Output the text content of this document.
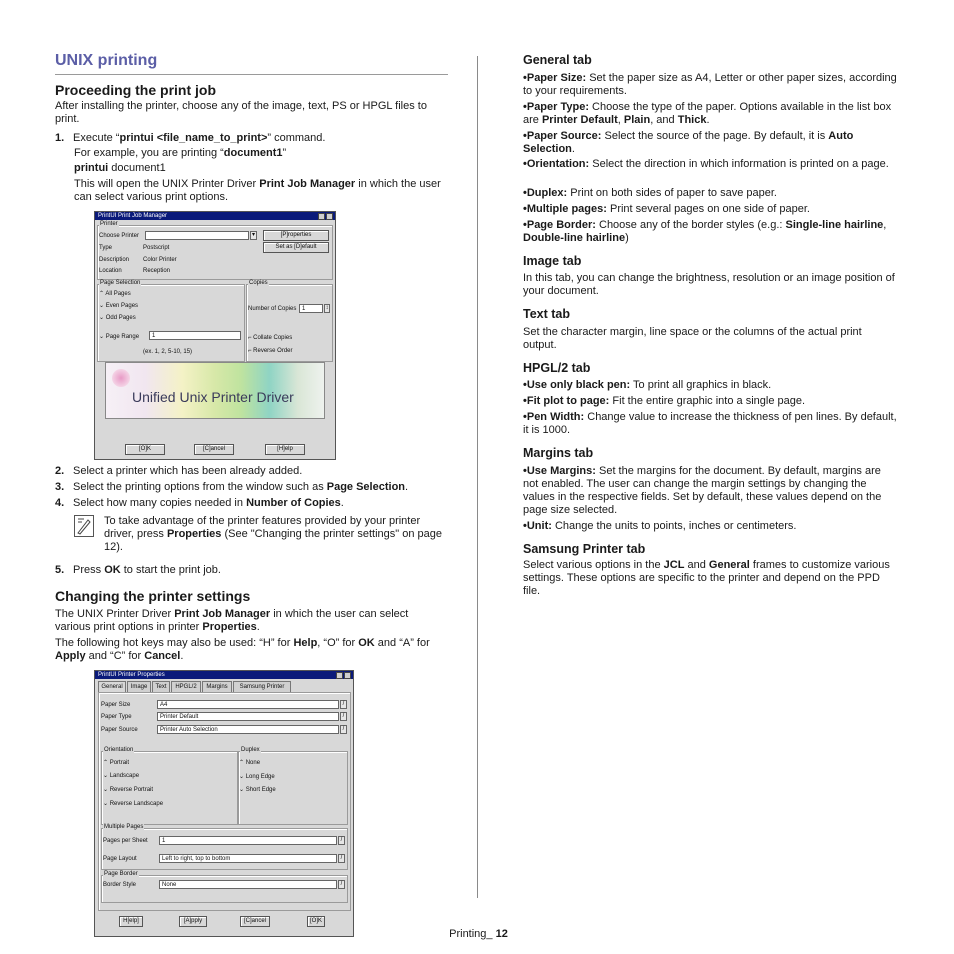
UNIX printing
Proceeding the print job

After installing the printer, choose any of the image, text, PS or HPGL files to print.

1. Execute “printui <file_name_to_print>” command.
For example, you are printing “document1”
printui document1
This will open the UNIX Printer Driver Print Job Manager in which the user can select various print options.
PrintUI Print Job Manager
Printer
Choose Printer	▾	[P]roperties
Set as [D]efault
Type	Postscript
Description Color Printer
Location	Reception
Page Selection
⌃ All Pages
⌄ Even Pages
⌄ Odd Pages
⌄ Page Range	1
(ex. 1, 2, 5-10, 15)
Copies
Number of Copies 1	↕
⌐ Collate Copies
⌐ Reverse Order
Unified Unix Printer Driver
[O]K	[C]ancel	[H]elp
2. Select a printer which has been already added.
3. Select the printing options from the window such as Page Selection.
4. Select how many copies needed in Number of Copies.
To take advantage of the printer features provided by your printer driver, press Properties (See "Changing the printer settings" on page 12).
5. Press OK to start the print job.
Changing the printer settings
The UNIX Printer Driver Print Job Manager in which the user can select various print options in printer Properties.
The following hot keys may also be used: “H” for Help, “O” for OK and “A” for Apply and “C” for Cancel.
PrintUI Printer Properties
General	Image	Text	HPGL/2	Margins	Samsung Printer
Paper Size	A4	/
Paper Type	Printer Default	/
Paper Source	Printer Auto Selection	/
Orientation
⌃ Portrait
⌄ Landscape
⌄ Reverse Portrait
⌄ Reverse Landscape
Duplex
⌃ None
⌄ Long Edge
⌄ Short Edge
Multiple Pages
Pages per Sheet	1	/
Page Layout	Left to right, top to bottom	/
Page Border
Border Style	None	/
H[elp]	[A]pply	[C]ancel	[O]K
General tab
•Paper Size: Set the paper size as A4, Letter or other paper sizes, according to your requirements.
•Paper Type: Choose the type of the paper. Options available in the list box are Printer Default, Plain, and Thick.
•Paper Source: Select the source of the page. By default, it is Auto Selection.
•Orientation: Select the direction in which information is printed on a page.
•Duplex: Print on both sides of paper to save paper.
•Multiple pages: Print several pages on one side of paper.
•Page Border: Choose any of the border styles (e.g.: Single-line hairline, Double-line hairline)
Image tab

In this tab, you can change the brightness, resolution or an image position of your document.

Text tab

Set the character margin, line space or the columns of the actual print output.

HPGL/2 tab
•Use only black pen: To print all graphics in black.
•Fit plot to page: Fit the entire graphic into a single page.
•Pen Width: Change value to increase the thickness of pen lines. By default, it is 1000.
Margins tab
•Use Margins: Set the margins for the document. By default, margins are not enabled. The user can change the margin settings by changing the values in the respective fields. Set by default, these values depend on the page size selected.
•Unit: Change the units to points, inches or centimeters.
Samsung Printer tab
Select various options in the JCL and General frames to customize various settings. These options are specific to the printer and depend on the PPD file.

Printing_ 12
